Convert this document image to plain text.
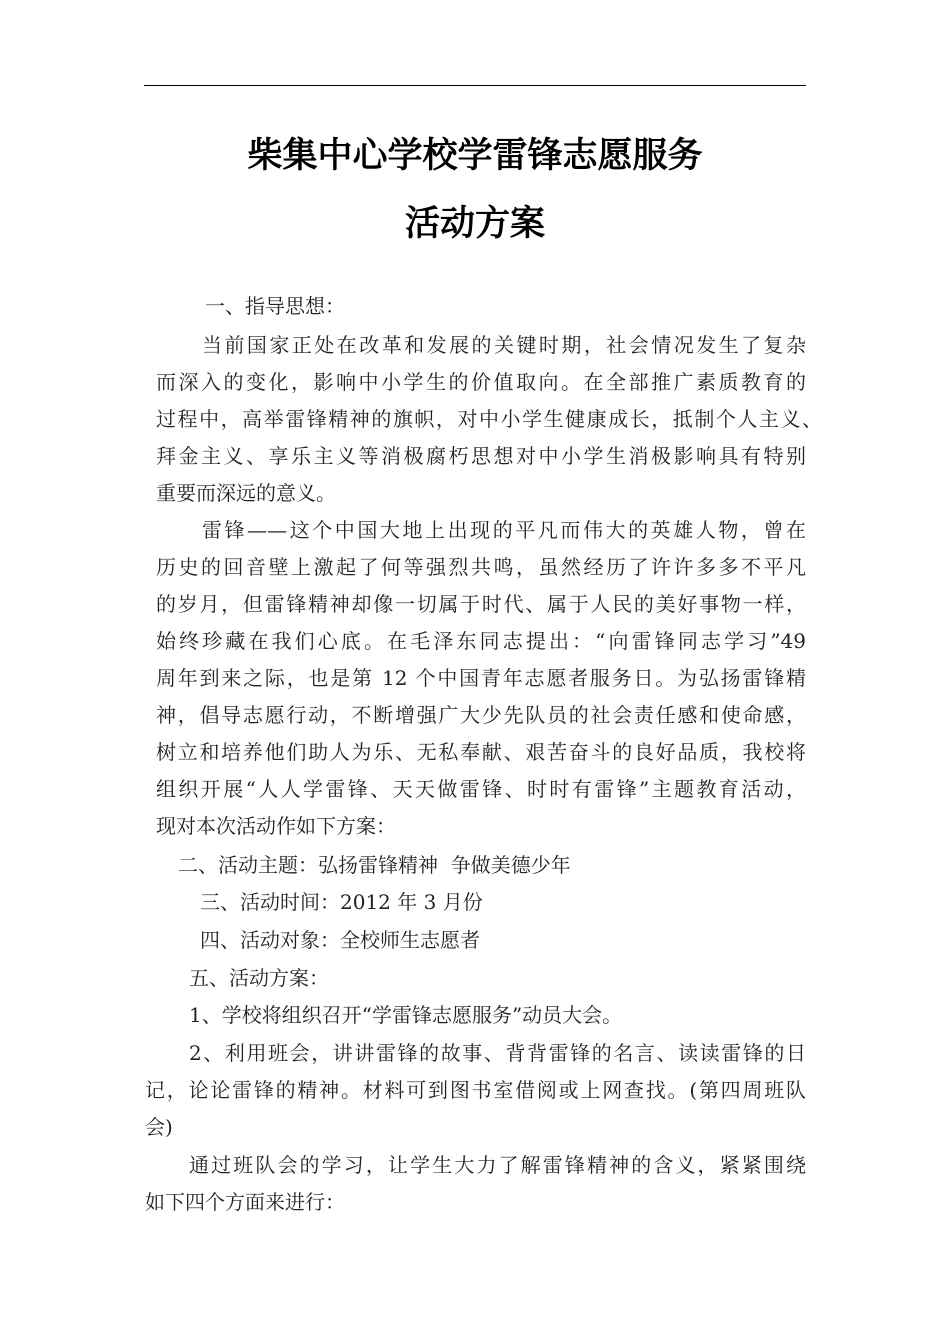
柴集中心学校学雷锋志愿服务
活动方案
一、指导思想：
当前国家正处在改革和发展的关键时期，社会情况发生了复杂
而深入的变化，影响中小学生的价值取向。在全部推广素质教育的
过程中，高举雷锋精神的旗帜，对中小学生健康成长，抵制个人主义、
拜金主义、享乐主义等消极腐朽思想对中小学生消极影响具有特别
重要而深远的意义。
雷锋——这个中国大地上出现的平凡而伟大的英雄人物，曾在
历史的回音壁上激起了何等强烈共鸣，虽然经历了许许多多不平凡
的岁月，但雷锋精神却像一切属于时代、属于人民的美好事物一样，
始终珍藏在我们心底。在毛泽东同志提出：“向雷锋同志学习”49
周年到来之际，也是第 12 个中国青年志愿者服务日。为弘扬雷锋精
神，倡导志愿行动，不断增强广大少先队员的社会责任感和使命感，
树立和培养他们助人为乐、无私奉献、艰苦奋斗的良好品质，我校将
组织开展“人人学雷锋、天天做雷锋、时时有雷锋”主题教育活动，
现对本次活动作如下方案：
二、活动主题：弘扬雷锋精神  争做美德少年
三、活动时间：2012 年 3 月份
四、活动对象：全校师生志愿者
五、活动方案：
1、学校将组织召开“学雷锋志愿服务”动员大会。
2、利用班会，讲讲雷锋的故事、背背雷锋的名言、读读雷锋的日
记，论论雷锋的精神。材料可到图书室借阅或上网查找。(第四周班队
会)
通过班队会的学习，让学生大力了解雷锋精神的含义，紧紧围绕
如下四个方面来进行：
